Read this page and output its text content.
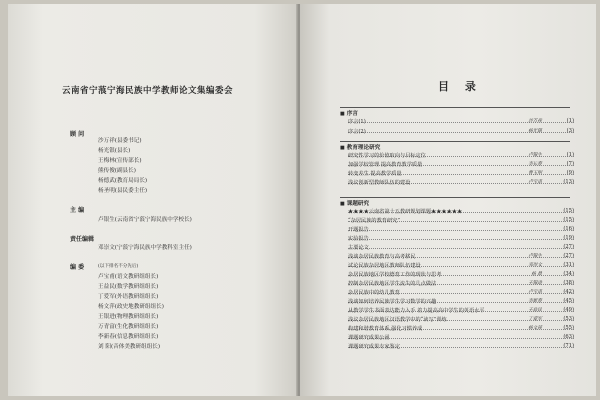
云南省宁蒗宁海民族中学教师论文集编委会
顾 问
沙万祥(县委书记)
杨光银(县长)
王梅林(宣传部长)
熊传俊(副县长)
杨德武(教育局局长)
杨圣明(县民委主任)
主 编
卢银生(云南省宁蒗宁海民族中学校长)
责任编辑
邓崇文(宁蒗宁海民族中学教科室主任)
编 委	(以下排名不分先后)
卢宝甫(语文教研组组长)
王益民(数学教研组组长)
丁爱军(外语教研组组长)
杨文萍(政史地教研组组长)
王银进(物理教研组组长)
万青富(生化教研组组长)
李新春(信息教研组组长)
刘 阳(音体美教研组组长)
目 录
■ 序言
序言(1)	沙万祥	(1)
序言(2)	杨光银	(3)
■ 教育理论研究
研究性学习的价值取向与目标定位	卢银生	(1)
加强学校管理 提高教育教学质量	李长春	(7)
转变差生 提高教学质量	曹玉明	(9)
浅议创新型教师队伍的建设	卢宝甫	(13)
■ 课题研究
★★★★云南省第十五教研规划课题★★★★★★	(15)
“杂居民族的教育研究”	(15)
开题报告	(16)
实验报告	(19)
主要论文	(27)
浅谈杂居民族教育与高考移民	卢银生	(27)
试论民族杂居地区教师队伍建设	邓崇文	(31)
杂居民族地区学校德育工作的现状与思考	杨 晨	(34)
控制杂居民族地区学生流失的几点做法	王银进	(38)
杂居民族中的幼儿教育	卢宝甫	(42)
浅谈如何培养民族学生学习数学的兴趣	李新春	(45)
从教学学生书面表达能力入手 着力提高高中学生的英语水平	王益民	(49)
浅议杂居民族地区汉语教学中的“读写”训练	丁爱军	(53)
构建和谐教育体系,强化习惯养成	杨文萍	(55)
课题研究成果公函	(63)
课题研究成果专家鉴定	(71)
